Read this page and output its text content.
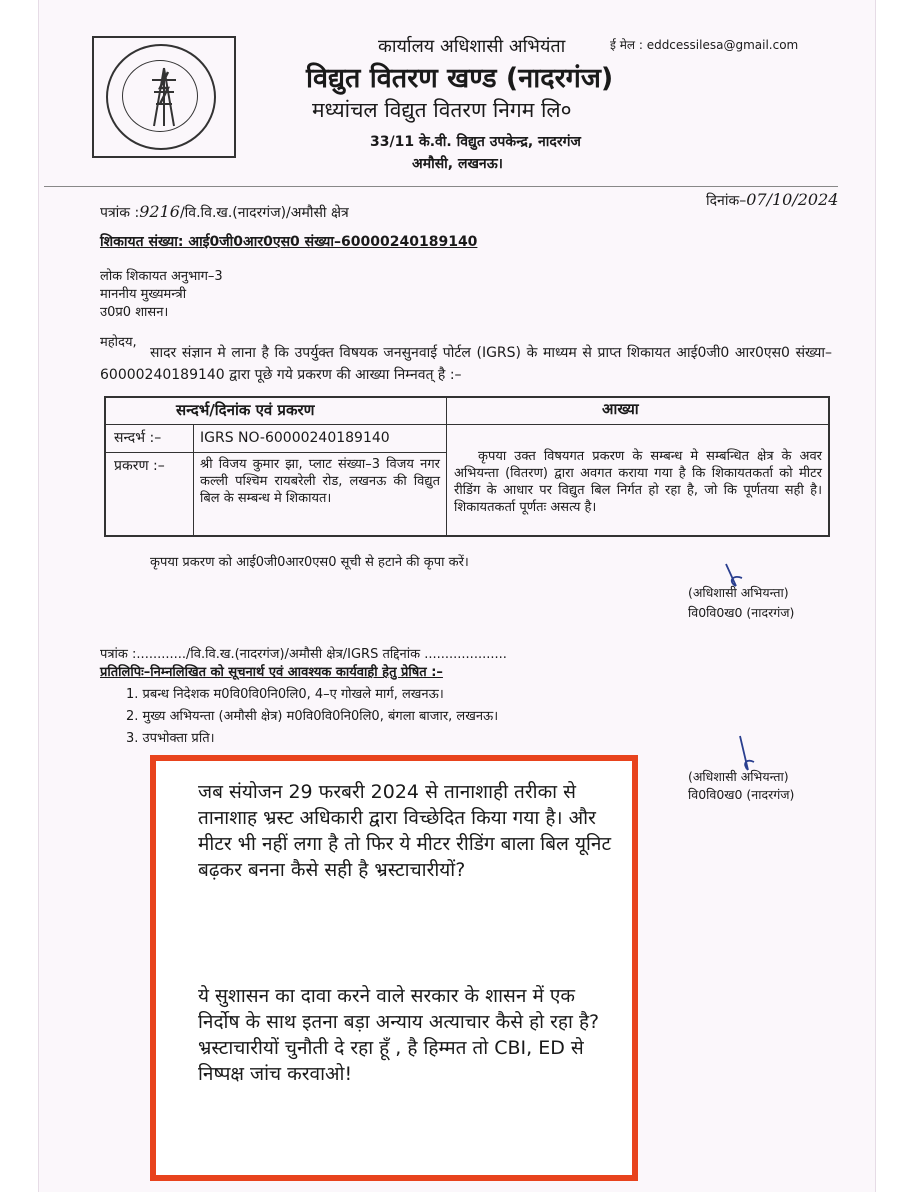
कार्यालय अधिशासी अभियंता	ई मेल : eddcessilesa@gmail.com
विद्युत वितरण खण्ड (नादरगंज)
मध्यांचल विद्युत वितरण निगम लि०
33/11 के.वी. विद्युत उपकेन्द्र, नादरगंज
अमौसी, लखनऊ।
पत्रांक :9216/वि.वि.ख.(नादरगंज)/अमौसी क्षेत्र
दिनांक–07/10/2024
शिकायत संख्या: आई0जी0आर0एस0 संख्या–60000240189140
लोक शिकायत अनुभाग–3
माननीय मुख्यमन्त्री
उ0प्र0 शासन।
महोदय,
सादर संज्ञान मे लाना है कि उपर्युक्त विषयक जनसुनवाई पोर्टल (IGRS) के माध्यम से प्राप्त शिकायत आई0जी0 आर0एस0 संख्या–60000240189140 द्वारा पूछे गये प्रकरण की आख्या निम्नवत् है :–
सन्दर्भ/दिनांक एवं प्रकरण	आख्या
सन्दर्भ :–	IGRS NO-60000240189140
प्रकरण :–	श्री विजय कुमार झा, प्लाट संख्या–3 विजय नगर कल्ली पश्चिम रायबरेली रोड, लखनऊ की विद्युत बिल के सम्बन्ध मे शिकायत।
कृपया उक्त विषयगत प्रकरण के सम्बन्ध मे सम्बन्धित क्षेत्र के अवर अभियन्ता (वितरण) द्वारा अवगत कराया गया है कि शिकायतकर्ता को मीटर रीडिंग के आधार पर विद्युत बिल निर्गत हो रहा है, जो कि पूर्णतया सही है। शिकायतकर्ता पूर्णतः असत्य है।
कृपया प्रकरण को आई0जी0आर0एस0 सूची से हटाने की कृपा करें।
(अधिशासी अभियन्ता)
वि0वि0ख0 (नादरगंज)
पत्रांक :............/वि.वि.ख.(नादरगंज)/अमौसी क्षेत्र/IGRS तद्दिनांक ....................
प्रतिलिपिः–निम्नलिखित को सूचनार्थ एवं आवश्यक कार्यवाही हेतु प्रेषित :–
1. प्रबन्ध निदेशक म0वि0वि0नि0लि0, 4–ए गोखले मार्ग, लखनऊ।
2. मुख्य अभियन्ता (अमौसी क्षेत्र) म0वि0वि0नि0लि0, बंगला बाजार, लखनऊ।
3. उपभोक्ता प्रति।
(अधिशासी अभियन्ता)
वि0वि0ख0 (नादरगंज)
जब संयोजन 29 फरबरी 2024 से तानाशाही तरीका से तानाशाह भ्रस्ट अधिकारी द्वारा विच्छेदित किया गया है। और मीटर भी नहीं लगा है तो फिर ये मीटर रीडिंग बाला बिल यूनिट बढ़कर बनना कैसे सही है भ्रस्टाचारीयों?
ये सुशासन का दावा करने वाले सरकार के शासन में एक निर्दोष के साथ इतना बड़ा अन्याय अत्याचार कैसे हो रहा है? भ्रस्टाचारीयों चुनौती दे रहा हूँ , है हिम्मत तो CBI, ED से निष्पक्ष जांच करवाओ!
